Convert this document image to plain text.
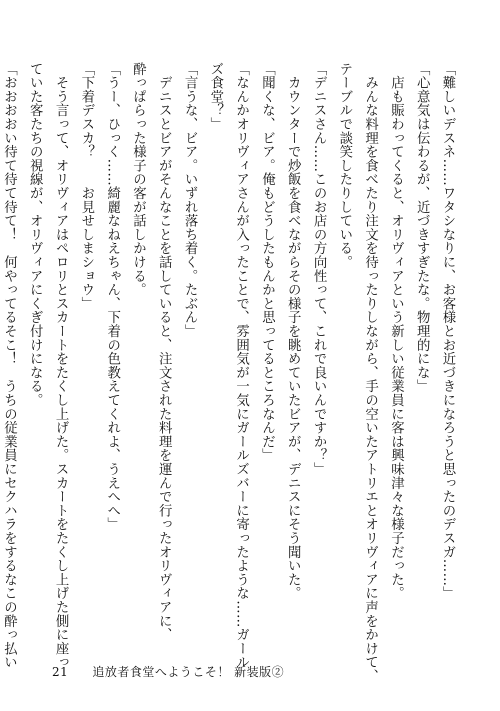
「難しいデスネ……ワタシなりに、お客様とお近づきになろうと思ったのデスガ……」
「心意気は伝わるが、近づきすぎたな。物理的にな」
　店も賑わってくると、オリヴィアという新しい従業員に客は興味津々な様子だった。
　みんな料理を食べたり注文を待ったりしながら、手の空いたアトリエとオリヴィアに声をかけて、
テーブルで談笑したりしている。
「デニスさん……このお店の方向性って、これで良いんですか？」
　カウンターで炒飯を食べながらその様子を眺めていたビアが、デニスにそう聞いた。
「聞くな、ビア。俺もどうしたもんかと思ってるところなんだ」
「なんかオリヴィアさんが入ったことで、雰囲気が一気にガールズバーに寄ったような……ガール
ズ食堂？」
「言うな、ビア。いずれ落ち着く。たぶん」
　デニスとビアがそんなことを話していると、注文された料理を運んで行ったオリヴィアに、
酔っぱらった様子の客が話しかける。
「うー、ひっく……綺麗なねえちゃん、下着の色教えてくれよ、うえへへ」
「下着デスカ？　　お見せしまショウ」
　そう言って、オリヴィアはペロリとスカートをたくし上げた。スカートをたくし上げた側に座っ
ていた客たちの視線が、オリヴィアにくぎ付けになる。
「おおおおい待て待て待て！　何やってるそこ！　うちの従業員にセクハラをするなこの酔っ払い
21 追放者食堂へようこそ！ 新装版②
